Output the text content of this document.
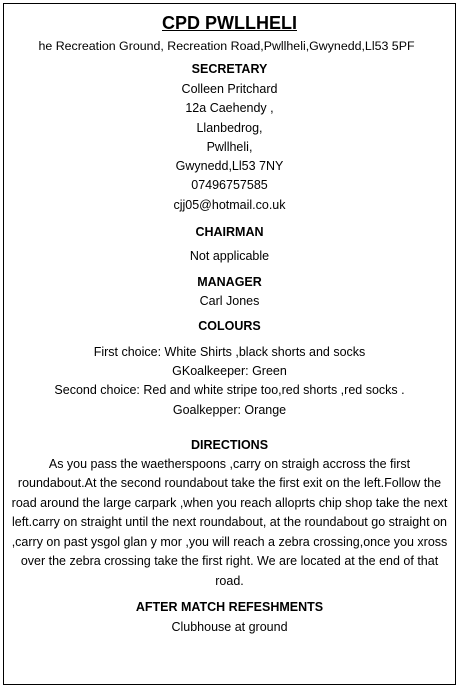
CPD PWLLHELI
he Recreation Ground, Recreation Road,Pwllheli,Gwynedd,Ll53 5PF
SECRETARY
Colleen Pritchard
12a Caehendy ,
Llanbedrog,
Pwllheli,
Gwynedd,Ll53 7NY
07496757585
cjj05@hotmail.co.uk
CHAIRMAN
Not applicable
MANAGER
Carl Jones
COLOURS
First choice: White Shirts ,black shorts and socks
GKoalkeeper: Green
Second choice: Red and white stripe too,red shorts ,red socks .
Goalkepper: Orange
DIRECTIONS
As you pass the waetherspoons ,carry on straigh accross the first roundabout.At the second roundabout take the first exit on the left.Follow the road around the large carpark ,when you reach alloprts chip shop take the next left.carry on straight until the next roundabout, at the roundabout go straight on ,carry on past ysgol glan y mor ,you will reach a zebra crossing,once you xross over the zebra crossing take the first right. We are located at the end of that road.
AFTER MATCH REFESHMENTS
Clubhouse at ground
